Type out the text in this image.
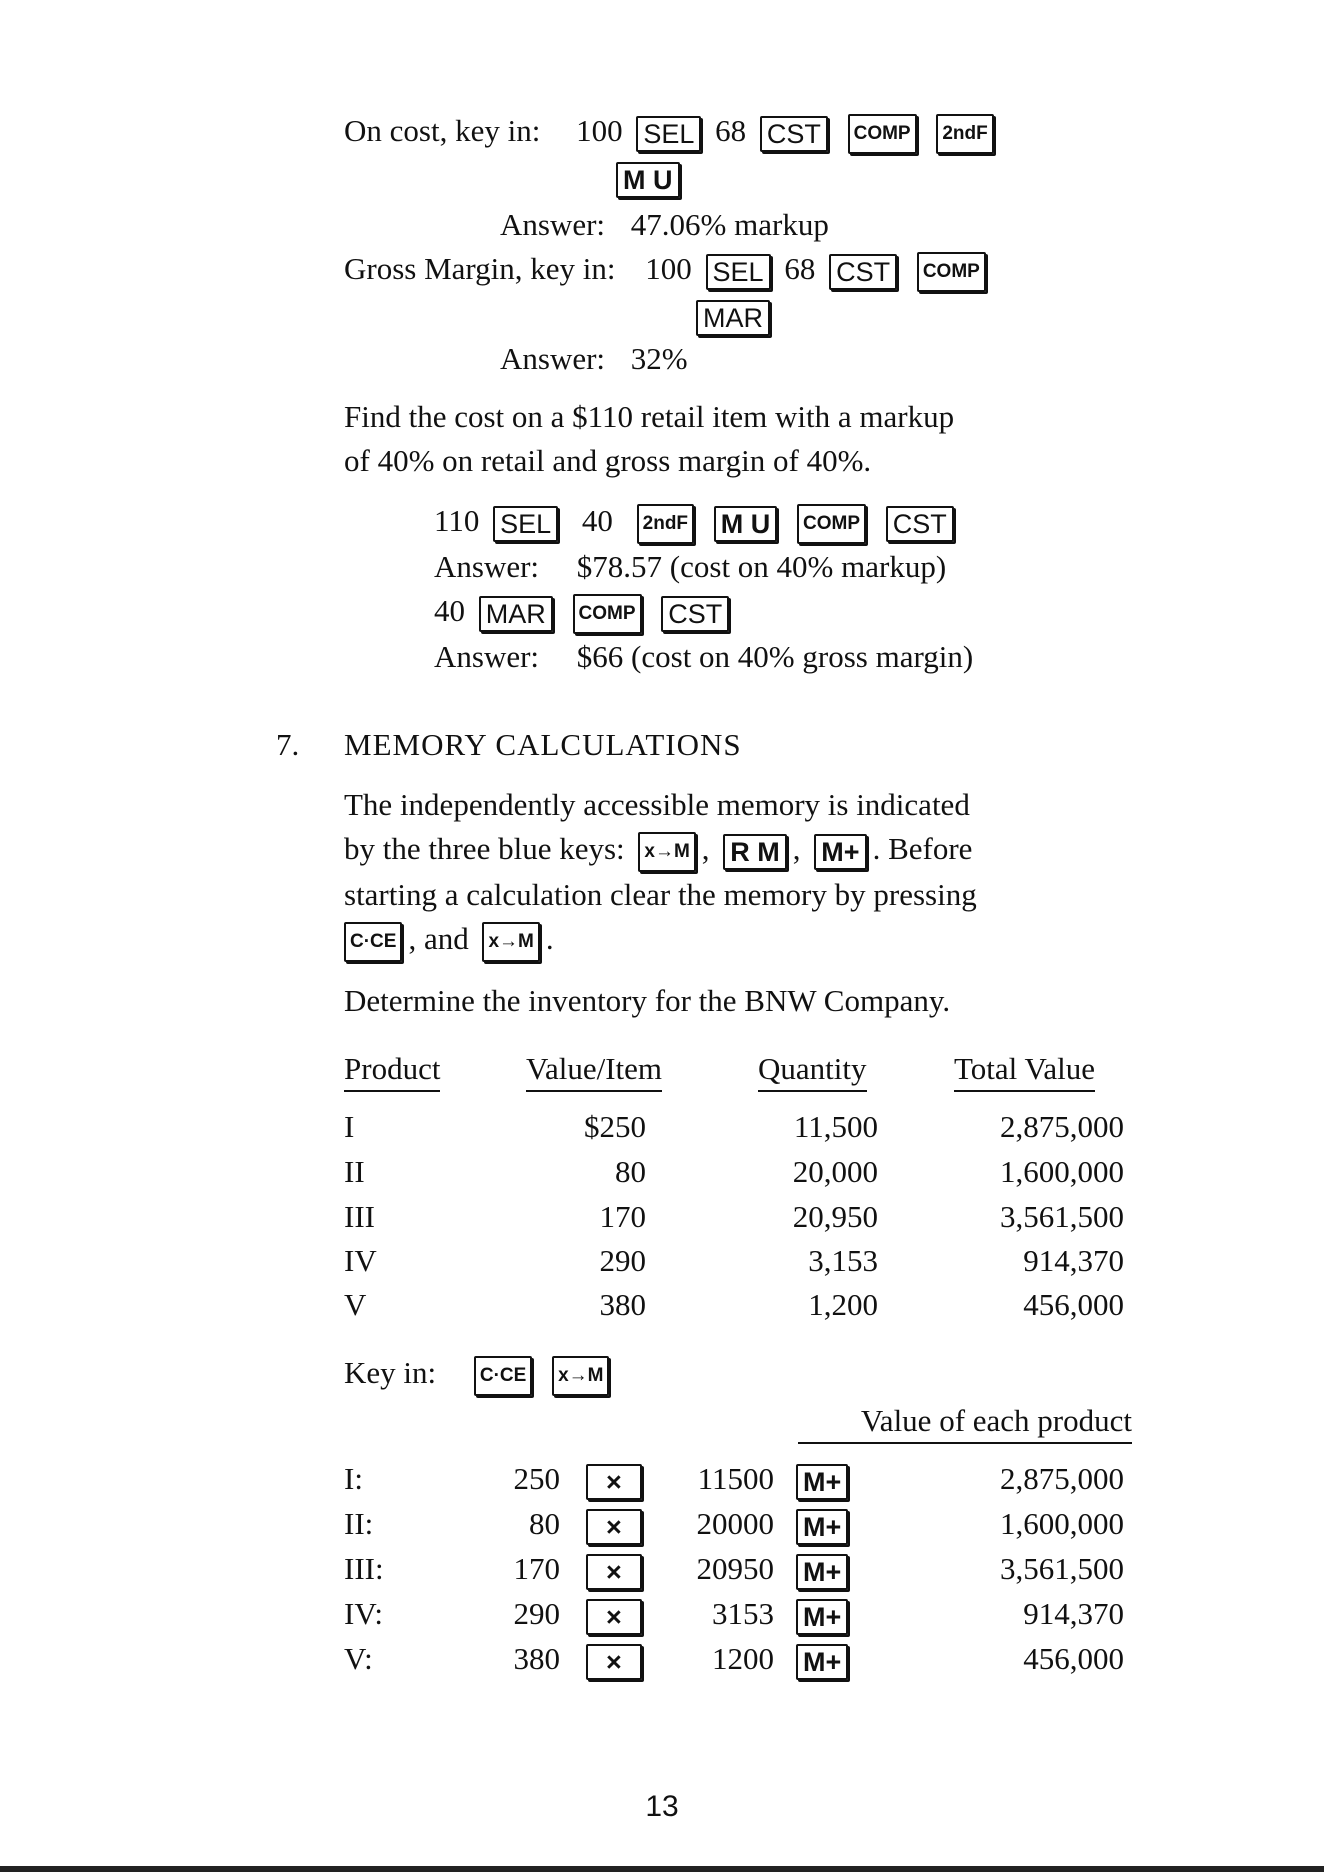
On cost, key in: 100 SEL 68 CST COMP 2ndF
M U
Answer: 47.06% markup
Gross Margin, key in: 100 SEL 68 CST COMP
MAR
Answer: 32%
Find the cost on a $110 retail item with a markup
of 40% on retail and gross margin of 40%.
110 SEL 40 2ndF M U COMP CST
Answer: $78.57 (cost on 40% markup)
40 MAR COMP CST
Answer: $66 (cost on 40% gross margin)
7. MEMORY CALCULATIONS
The independently accessible memory is indicated
by the three blue keys: x→M , R M , M+ . Before
starting a calculation clear the memory by pressing
C·CE , and x→M .
Determine the inventory for the BNW Company.
Product	Value/Item	Quantity	Total Value
I	$250	11,500	2,875,000
II	80	20,000	1,600,000
III	170	20,950	3,561,500
IV	290	3,153	914,370
V	380	1,200	456,000
Key in: C·CE x→M
Value of each product
I:	250	×	11500	M+	2,875,000
II:	80	×	20000	M+	1,600,000
III:	170	×	20950	M+	3,561,500
IV:	290	×	3153	M+	914,370
V:	380	×	1200	M+	456,000
13
